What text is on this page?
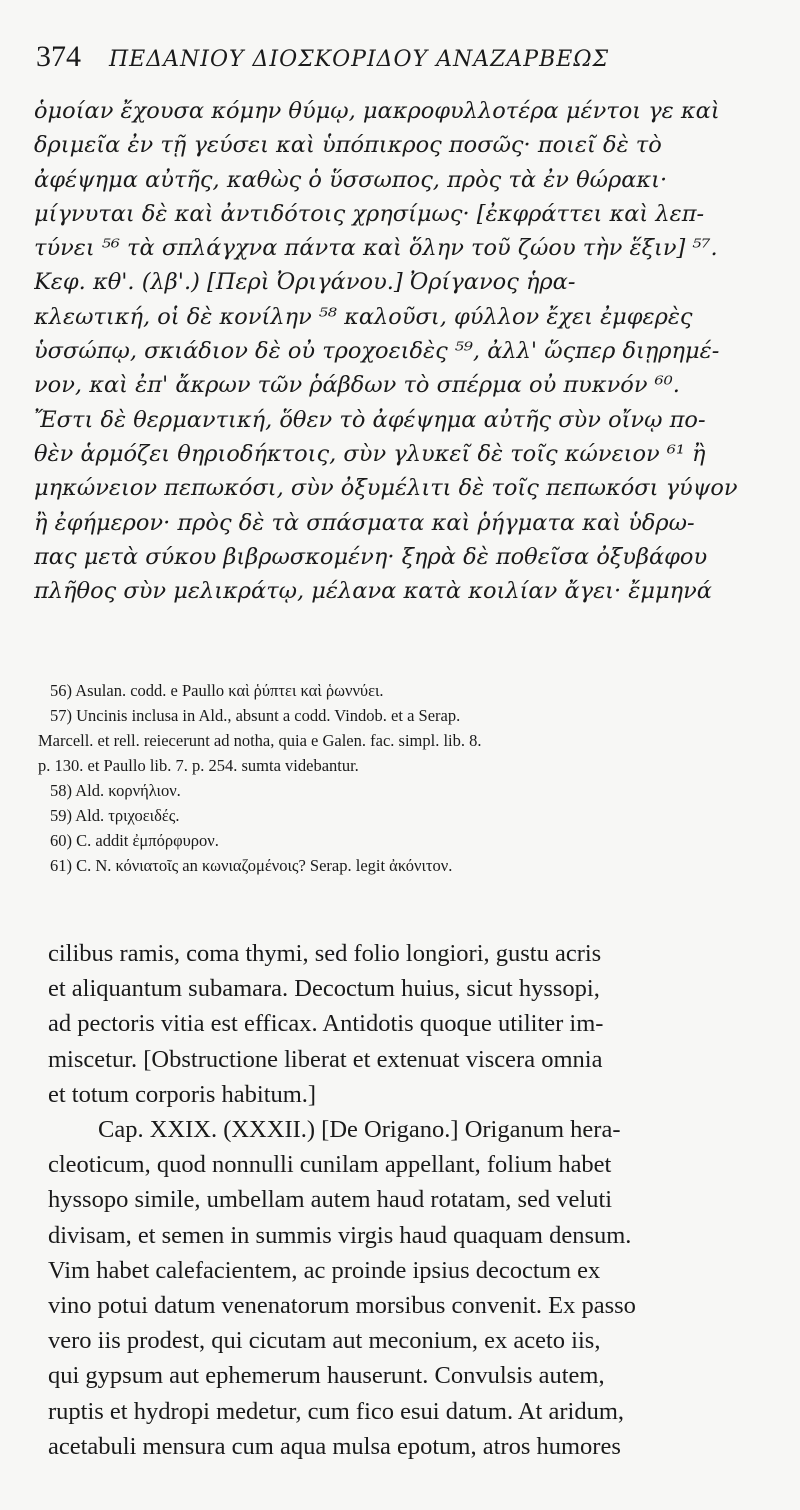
374 ΠΕΔΑΝΙΟΥ ΔΙΟΣΚΟΡΙΔΟΥ ΑΝΑΖΑΡΒΕΩΣ

ὁμοίαν ἔχουσα κόμην θύμῳ, μακροφυλλοτέρα μέντοι γε καὶ

δριμεῖα ἐν τῇ γεύσει καὶ ὑπόπικρος ποσῶς· ποιεῖ δὲ τὸ

ἀφέψημα αὐτῆς, καθὼς ὁ ὕσσωπος, πρὸς τὰ ἐν θώρακι·

μίγνυται δὲ καὶ ἀντιδότοις χρησίμως· [ἐκφράττει καὶ λεπ-

τύνει ⁵⁶ τὰ σπλάγχνα πάντα καὶ ὅλην τοῦ ζώου τὴν ἕξιν] ⁵⁷.

Κεφ. κθ'. (λβ'.) [Περὶ Ὀριγάνου.] Ὀρίγανος ἡρα-

κλεωτική, οἱ δὲ κονίλην ⁵⁸ καλοῦσι, φύλλον ἔχει ἐμφερὲς

ὑσσώπῳ, σκιάδιον δὲ οὐ τροχοειδὲς ⁵⁹, ἀλλ' ὥςπερ διῃρημέ-

νον, καὶ ἐπ' ἄκρων τῶν ῥάβδων τὸ σπέρμα οὐ πυκνόν ⁶⁰.

Ἔστι δὲ θερμαντική, ὅθεν τὸ ἀφέψημα αὐτῆς σὺν οἴνῳ πο-

θὲν ἁρμόζει θηριοδήκτοις, σὺν γλυκεῖ δὲ τοῖς κώνειον ⁶¹ ἢ

μηκώνειον πεπωκόσι, σὺν ὀξυμέλιτι δὲ τοῖς πεπωκόσι γύψον

ἢ ἐφήμερον· πρὸς δὲ τὰ σπάσματα καὶ ῥήγματα καὶ ὑδρω-

πας μετὰ σύκου βιβρωσκομένη· ξηρὰ δὲ ποθεῖσα ὀξυβάφου

πλῆθος σὺν μελικράτῳ, μέλανα κατὰ κοιλίαν ἄγει· ἔμμηνά

56) Asulan. codd. e Paullo καὶ ῥύπτει καὶ ῥωννύει.

57) Uncinis inclusa in Ald., absunt a codd. Vindob. et a Serap.

Marcell. et rell. reiecerunt ad notha, quia e Galen. fac. simpl. lib. 8.

p. 130. et Paullo lib. 7. p. 254. sumta videbantur.

58) Ald. κορνήλιον.

59) Ald. τριχοειδές.

60) C. addit ἐμπόρφυρον.

61) C. N. κόνιατοῖς an κωνιαζομένοις? Serap. legit ἀκόνιτον.

cilibus ramis, coma thymi, sed folio longiori, gustu acris

et aliquantum subamara. Decoctum huius, sicut hyssopi,

ad pectoris vitia est efficax. Antidotis quoque utiliter im-

miscetur. [Obstructione liberat et extenuat viscera omnia

et totum corporis habitum.]

Cap. XXIX. (XXXII.) [De Origano.] Origanum hera-

cleoticum, quod nonnulli cunilam appellant, folium habet

hyssopo simile, umbellam autem haud rotatam, sed veluti

divisam, et semen in summis virgis haud quaquam densum.

Vim habet calefacientem, ac proinde ipsius decoctum ex

vino potui datum venenatorum morsibus convenit. Ex passo

vero iis prodest, qui cicutam aut meconium, ex aceto iis,

qui gypsum aut ephemerum hauserunt. Convulsis autem,

ruptis et hydropi medetur, cum fico esui datum. At aridum,

acetabuli mensura cum aqua mulsa epotum, atros humores
